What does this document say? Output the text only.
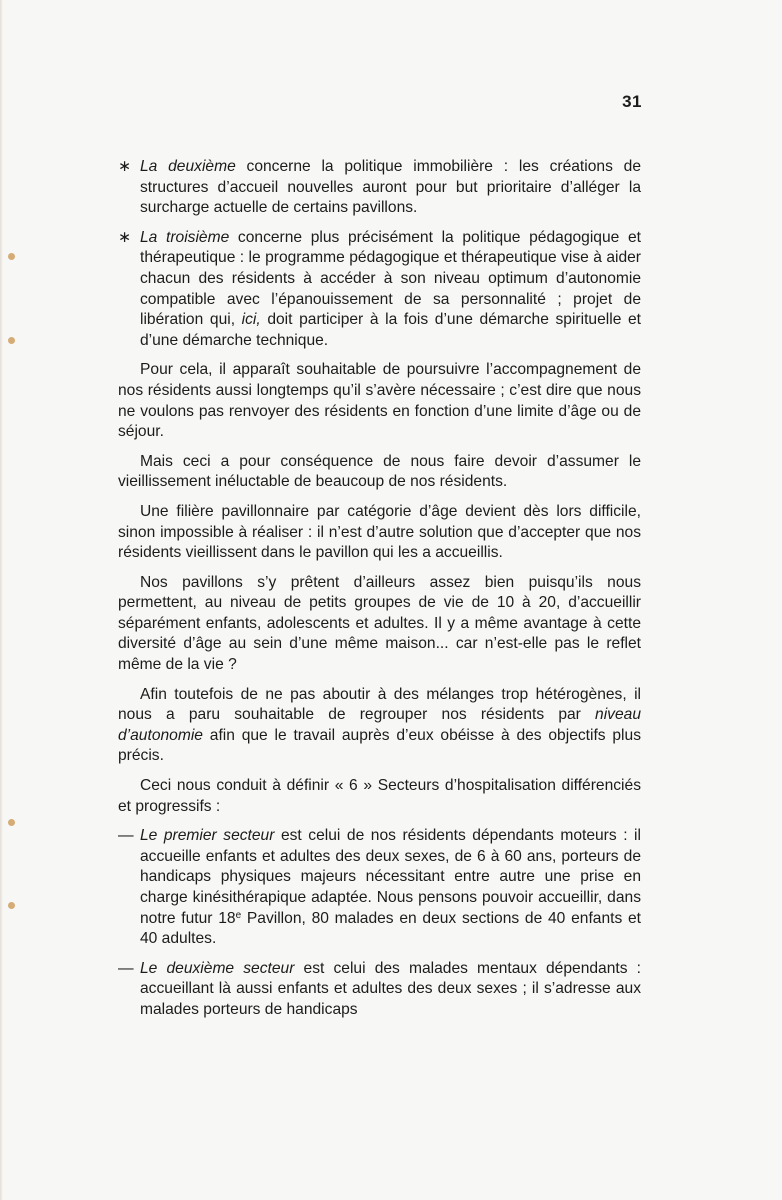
31

∗ La deuxième concerne la politique immobilière : les créations de structures d’accueil nouvelles auront pour but prioritaire d’alléger la surcharge actuelle de certains pavillons.

∗ La troisième concerne plus précisément la politique pédagogique et thérapeutique : le programme pédagogique et thérapeutique vise à aider chacun des résidents à accéder à son niveau optimum d’autonomie compatible avec l’épanouissement de sa personnalité ; projet de libération qui, ici, doit participer à la fois d’une démarche spirituelle et d’une démarche technique.

Pour cela, il apparaît souhaitable de poursuivre l’accompagnement de nos résidents aussi longtemps qu’il s’avère nécessaire ; c’est dire que nous ne voulons pas renvoyer des résidents en fonction d’une limite d’âge ou de séjour.

Mais ceci a pour conséquence de nous faire devoir d’assumer le vieillissement inéluctable de beaucoup de nos résidents.

Une filière pavillonnaire par catégorie d’âge devient dès lors difficile, sinon impossible à réaliser : il n’est d’autre solution que d’accepter que nos résidents vieillissent dans le pavillon qui les a accueillis.

Nos pavillons s’y prêtent d’ailleurs assez bien puisqu’ils nous permettent, au niveau de petits groupes de vie de 10 à 20, d’accueillir séparément enfants, adolescents et adultes. Il y a même avantage à cette diversité d’âge au sein d’une même maison... car n’est-elle pas le reflet même de la vie ?

Afin toutefois de ne pas aboutir à des mélanges trop hétérogènes, il nous a paru souhaitable de regrouper nos résidents par niveau d’autonomie afin que le travail auprès d’eux obéisse à des objectifs plus précis.

Ceci nous conduit à définir « 6 » Secteurs d’hospitalisation différenciés et progressifs :

— Le premier secteur est celui de nos résidents dépendants moteurs : il accueille enfants et adultes des deux sexes, de 6 à 60 ans, porteurs de handicaps physiques majeurs nécessitant entre autre une prise en charge kinésithérapique adaptée. Nous pensons pouvoir accueillir, dans notre futur 18e Pavillon, 80 malades en deux sections de 40 enfants et 40 adultes.

— Le deuxième secteur est celui des malades mentaux dépendants : accueillant là aussi enfants et adultes des deux sexes ; il s’adresse aux malades porteurs de handicaps
